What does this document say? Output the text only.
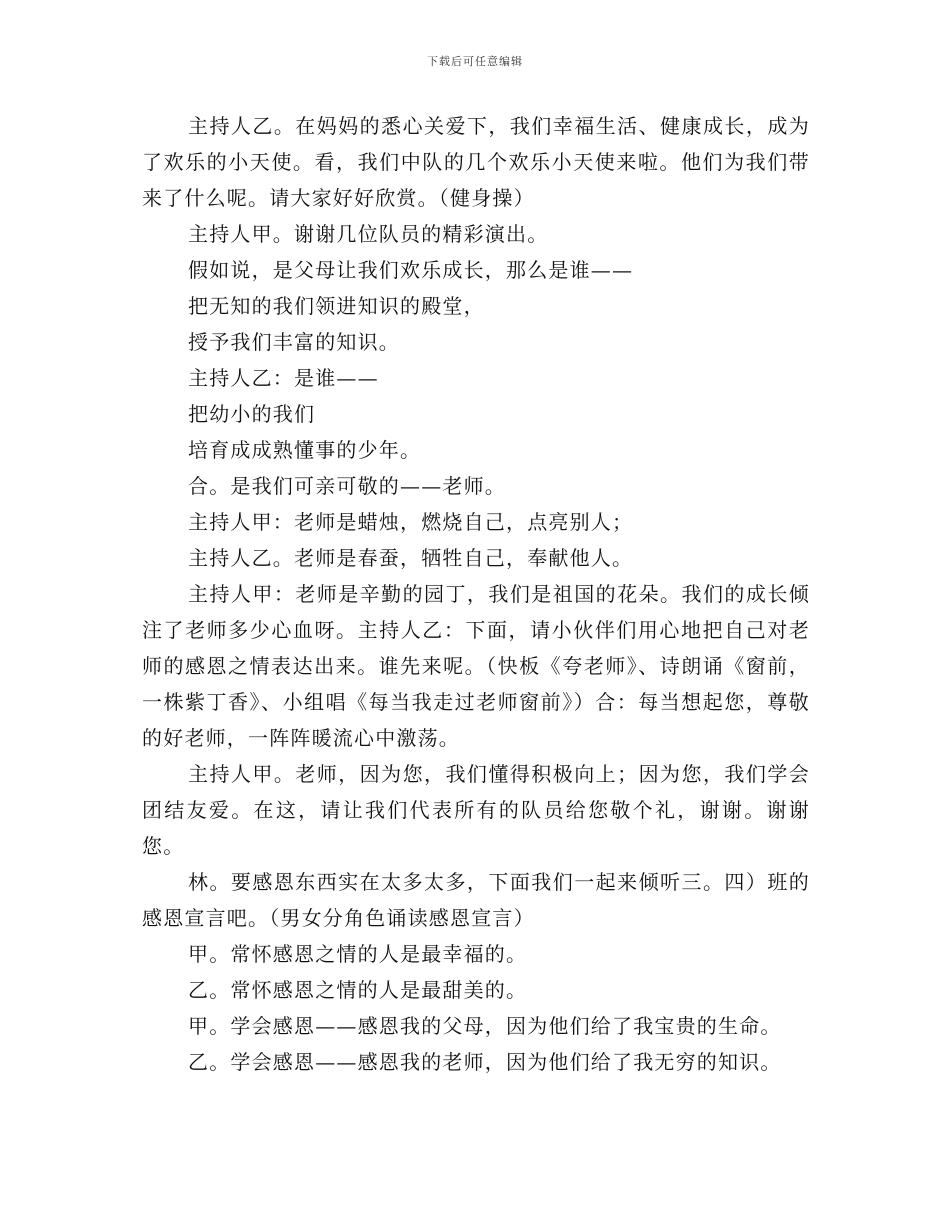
下载后可任意编辑

主持人乙。在妈妈的悉心关爱下，我们幸福生活、健康成长，成为了欢乐的小天使。看，我们中队的几个欢乐小天使来啦。他们为我们带来了什么呢。请大家好好欣赏。（健身操）

主持人甲。谢谢几位队员的精彩演出。

假如说，是父母让我们欢乐成长，那么是谁——

把无知的我们领进知识的殿堂，

授予我们丰富的知识。

主持人乙：是谁——

把幼小的我们

培育成成熟懂事的少年。

合。是我们可亲可敬的——老师。

主持人甲：老师是蜡烛，燃烧自己，点亮别人；

主持人乙。老师是春蚕，牺牲自己，奉献他人。

主持人甲：老师是辛勤的园丁，我们是祖国的花朵。我们的成长倾注了老师多少心血呀。主持人乙：下面，请小伙伴们用心地把自己对老师的感恩之情表达出来。谁先来呢。（快板《夸老师》、诗朗诵《窗前，一株紫丁香》、小组唱《每当我走过老师窗前》）合：每当想起您，尊敬的好老师，一阵阵暖流心中激荡。

主持人甲。老师，因为您，我们懂得积极向上；因为您，我们学会团结友爱。在这，请让我们代表所有的队员给您敬个礼，谢谢。谢谢您。

林。要感恩东西实在太多太多，下面我们一起来倾听三。四）班的感恩宣言吧。（男女分角色诵读感恩宣言）

甲。常怀感恩之情的人是最幸福的。

乙。常怀感恩之情的人是最甜美的。

甲。学会感恩——感恩我的父母，因为他们给了我宝贵的生命。

乙。学会感恩——感恩我的老师，因为他们给了我无穷的知识。
